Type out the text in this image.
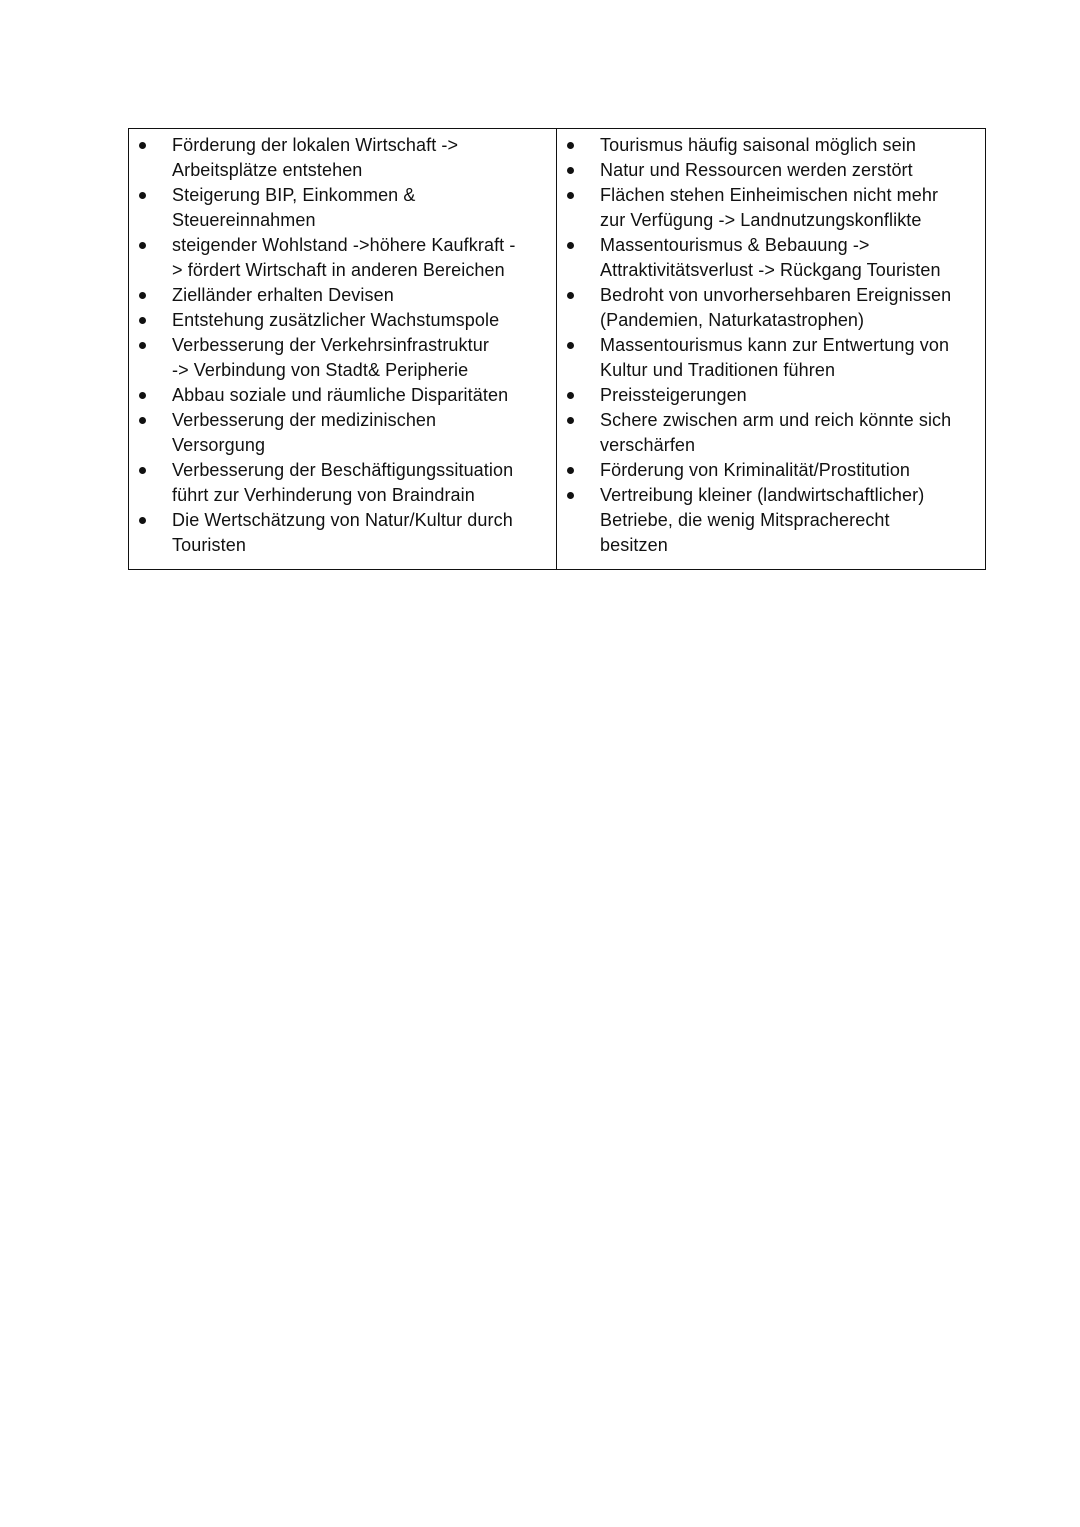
Förderung der lokalen Wirtschaft ->
Arbeitsplätze entstehen
Steigerung BIP, Einkommen &
Steuereinnahmen
steigender Wohlstand ->höhere Kaufkraft -
> fördert Wirtschaft in anderen Bereichen
Zielländer erhalten Devisen
Entstehung zusätzlicher Wachstumspole
Verbesserung der Verkehrsinfrastruktur
-> Verbindung von Stadt& Peripherie
Abbau soziale und räumliche Disparitäten
Verbesserung der medizinischen
Versorgung
Verbesserung der Beschäftigungssituation
führt zur Verhinderung von Braindrain
Die Wertschätzung von Natur/Kultur durch
Touristen
Tourismus häufig saisonal möglich sein
Natur und Ressourcen werden zerstört
Flächen stehen Einheimischen nicht mehr
zur Verfügung -> Landnutzungskonflikte
Massentourismus & Bebauung ->
Attraktivitätsverlust -> Rückgang Touristen
Bedroht von unvorhersehbaren Ereignissen
(Pandemien, Naturkatastrophen)
Massentourismus kann zur Entwertung von
Kultur und Traditionen führen
Preissteigerungen
Schere zwischen arm und reich könnte sich
verschärfen
Förderung von Kriminalität/Prostitution
Vertreibung kleiner (landwirtschaftlicher)
Betriebe, die wenig Mitspracherecht
besitzen
